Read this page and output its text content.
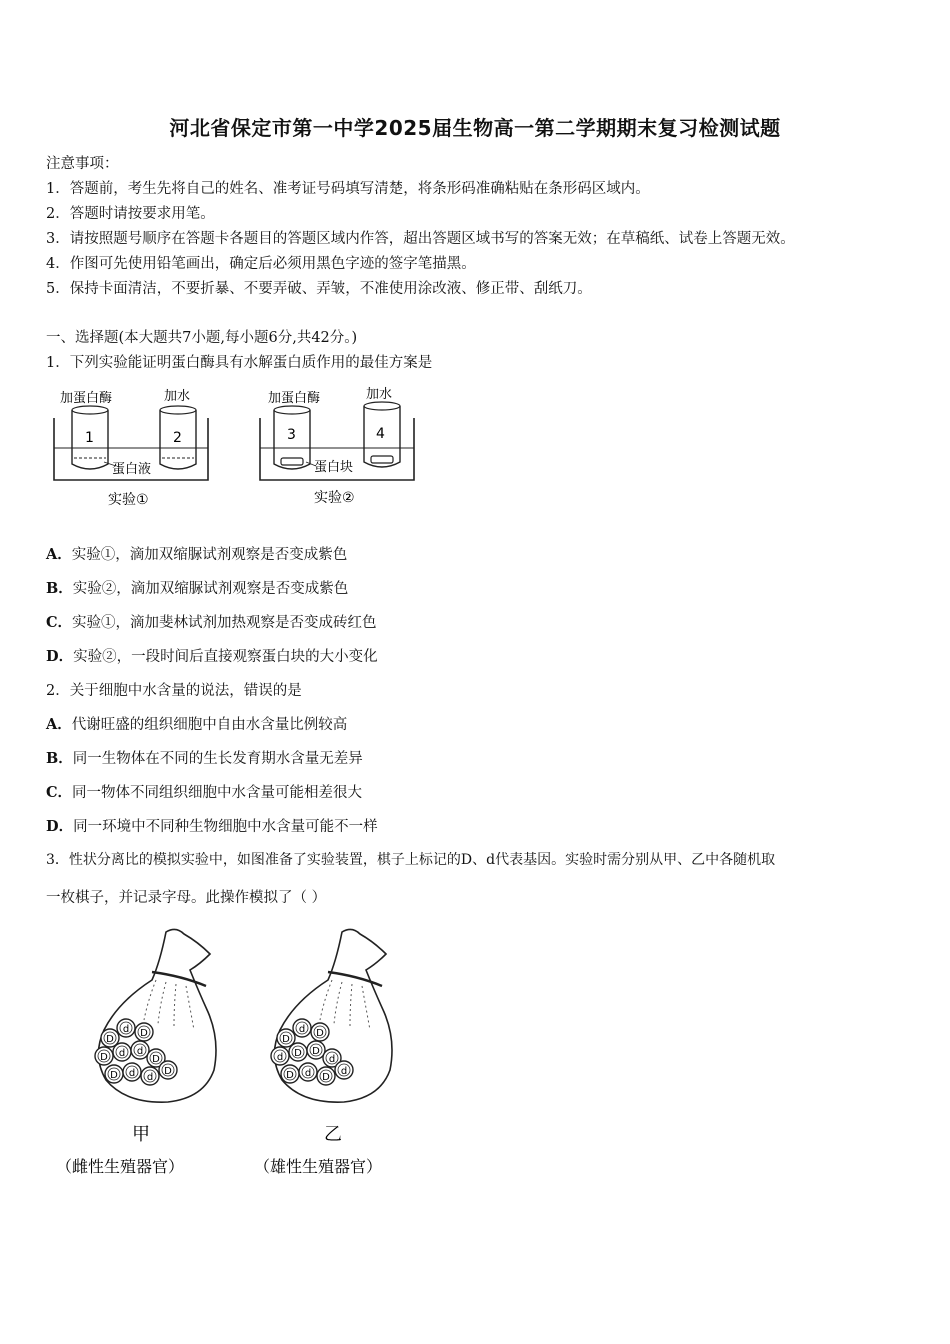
河北省保定市第一中学2025届生物高一第二学期期末复习检测试题
注意事项：
1．答题前，考生先将自己的姓名、准考证号码填写清楚，将条形码准确粘贴在条形码区域内。
2．答题时请按要求用笔。
3．请按照题号顺序在答题卡各题目的答题区域内作答，超出答题区域书写的答案无效；在草稿纸、试卷上答题无效。
4．作图可先使用铅笔画出，确定后必须用黑色字迹的签字笔描黑。
5．保持卡面清洁，不要折暴、不要弄破、弄皱，不准使用涂改液、修正带、刮纸刀。
一、选择题(本大题共7小题,每小题6分,共42分。)
1．下列实验能证明蛋白酶具有水解蛋白质作用的最佳方案是
加蛋白酶	加水
1	2
蛋白液
实验①
加蛋白酶	加水
3	4
蛋白块
实验②
A．实验①，滴加双缩脲试剂观察是否变成紫色
B．实验②，滴加双缩脲试剂观察是否变成紫色
C．实验①，滴加斐林试剂加热观察是否变成砖红色
D．实验②，一段时间后直接观察蛋白块的大小变化
2．关于细胞中水含量的说法，错误的是
A．代谢旺盛的组织细胞中自由水含量比例较高
B．同一生物体在不同的生长发育期水含量无差异
C．同一物体不同组织细胞中水含量可能相差很大
D．同一环境中不同种生物细胞中水含量可能不一样
3．性状分离比的模拟实验中，如图准备了实验装置，棋子上标记的D、d代表基因。实验时需分别从甲、乙中各随机取
一枚棋子，并记录字母。此操作模拟了（ ）
D
d D
D d d
D
D d d
D
甲
（雌性生殖器官）
D
d D
d D D
d
D d D
d
乙
（雄性生殖器官）
